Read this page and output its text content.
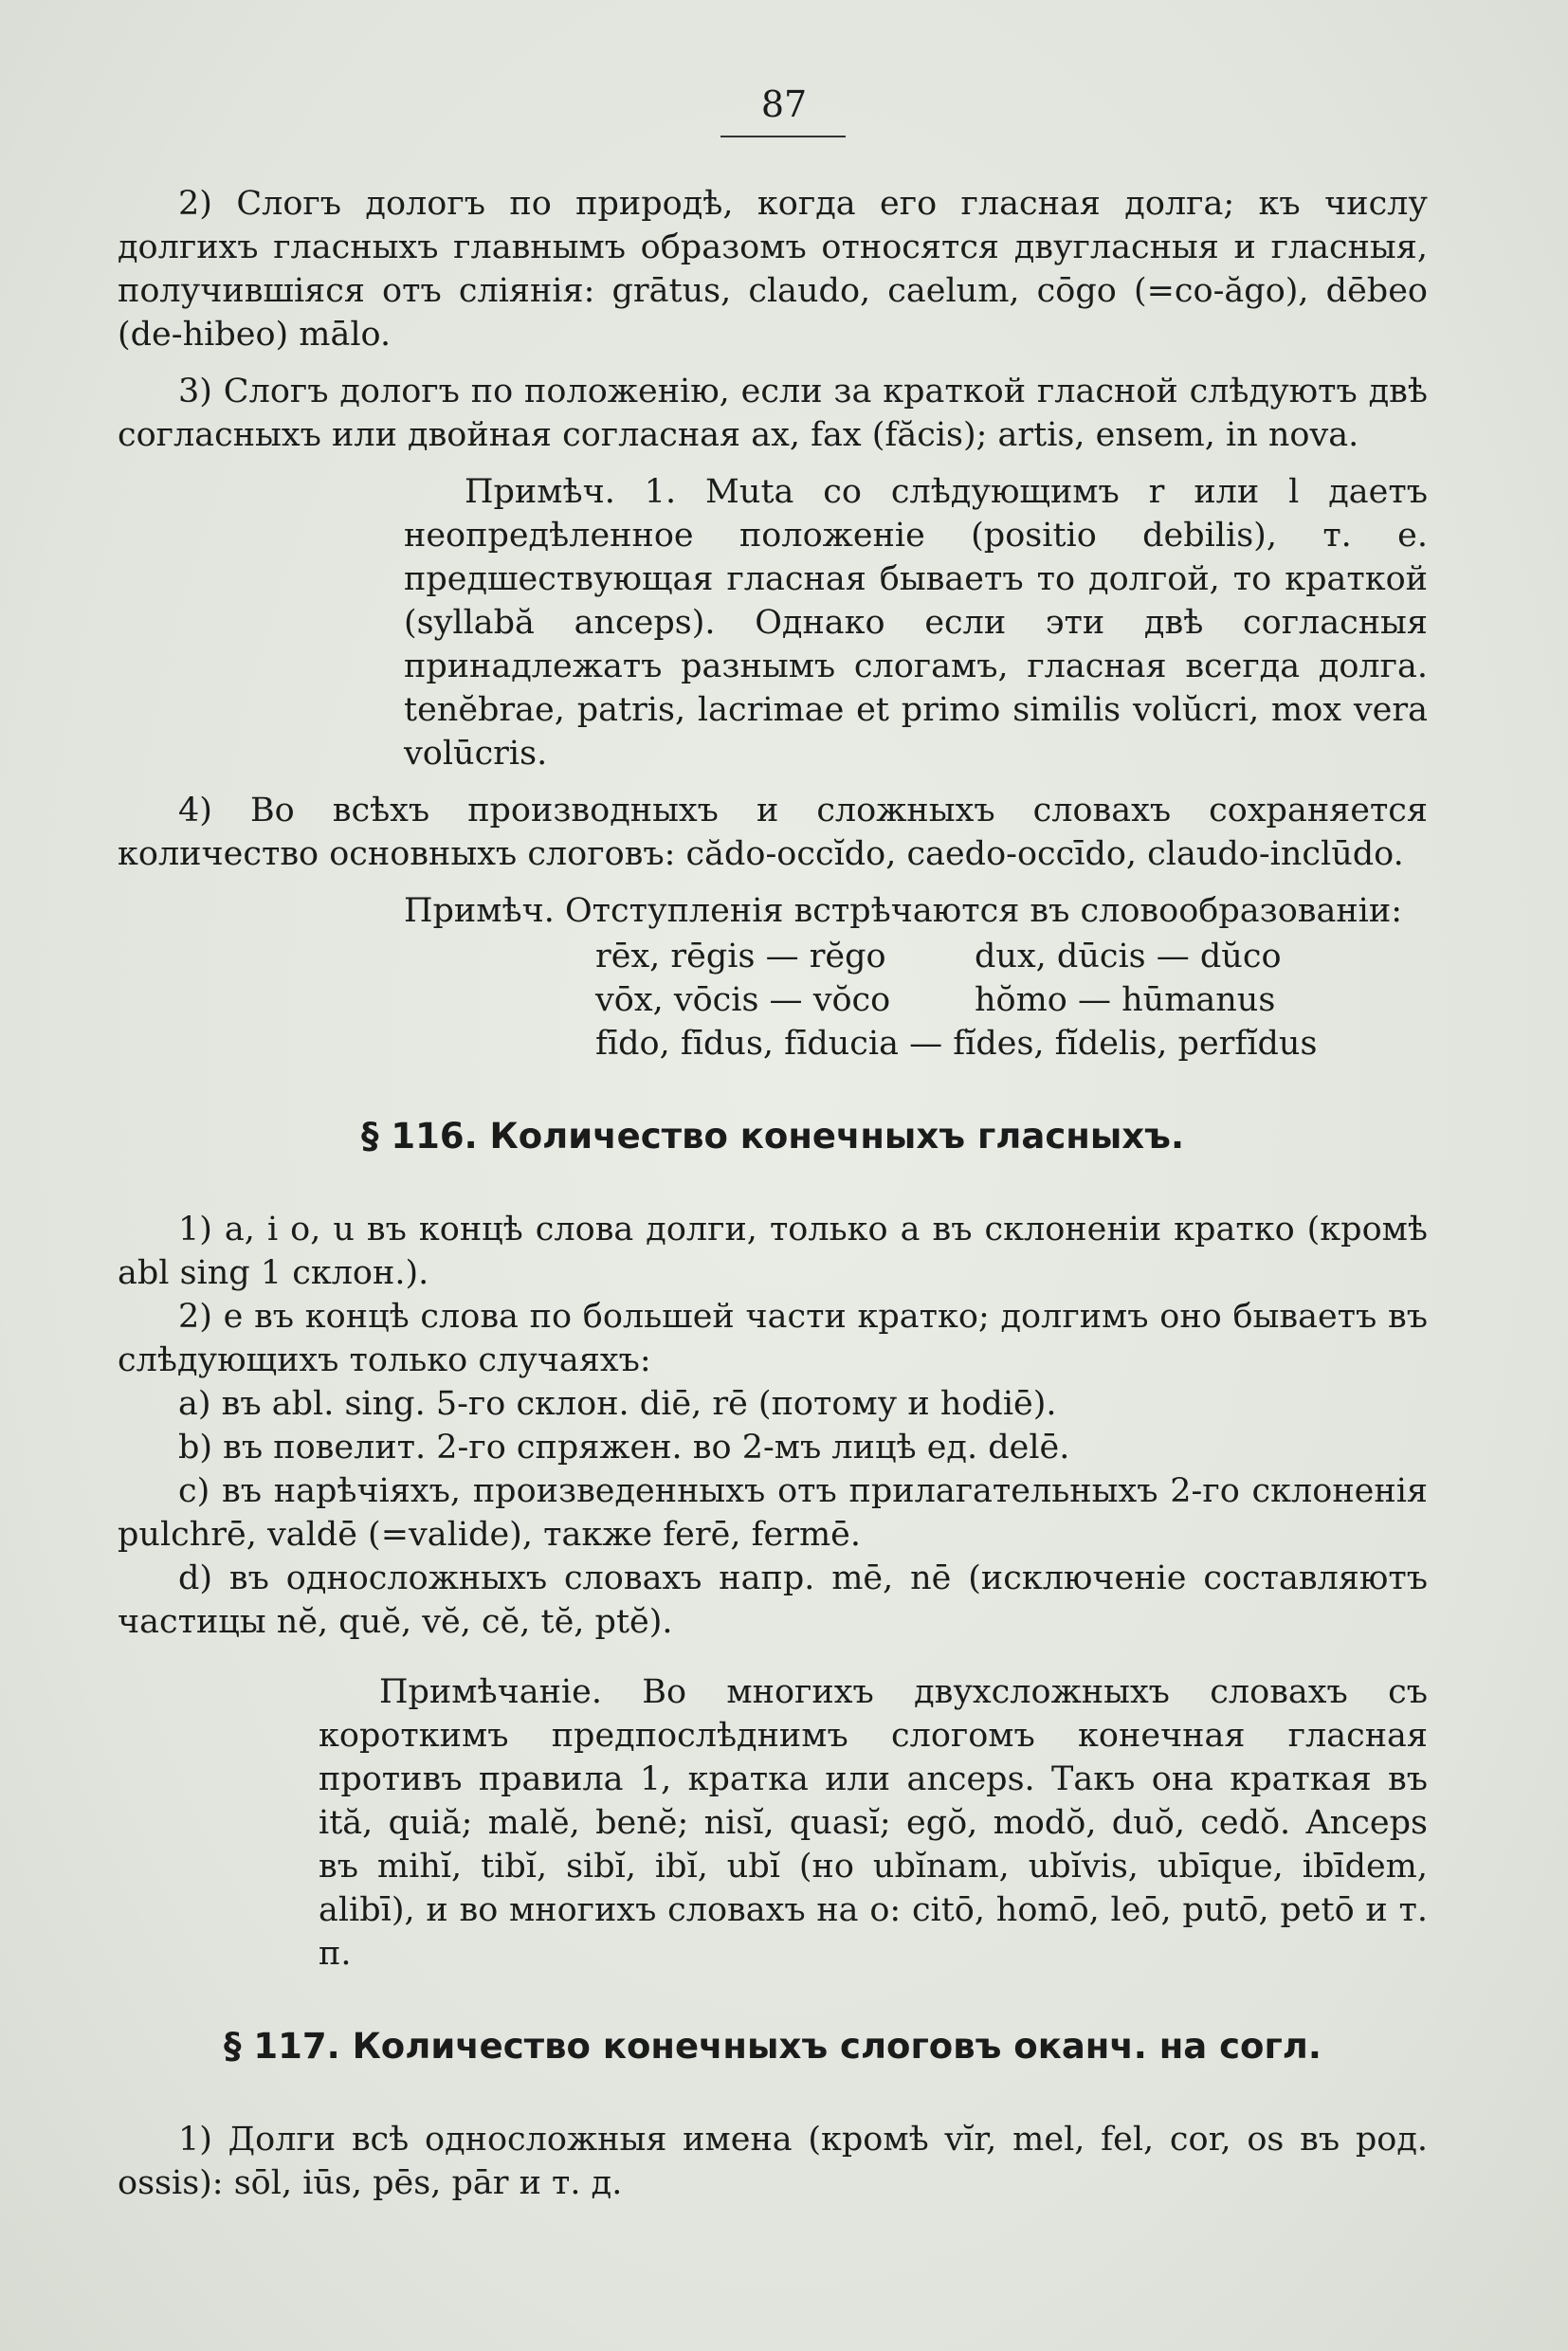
87

2) Слогъ дологъ по природѣ, когда его гласная долга; къ числу долгихъ гласныхъ главнымъ образомъ относятся двугласныя и гласныя, получившіяся отъ сліянія: grātus, claudo, caelum, cōgo (=co-ăgo), dēbeo (de-hibeo) mālo.

3) Слогъ дологъ по положенію, если за краткой гласной слѣдуютъ двѣ согласныхъ или двойная согласная ax, fax (făcis); artis, ensem, in nova.

Примѣч. 1. Muta со слѣдующимъ r или l даетъ неопредѣленное положеніе (positio debilis), т. е. предшествующая гласная бываетъ то долгой, то краткой (syllabă anceps). Однако если эти двѣ согласныя принадлежатъ разнымъ слогамъ, гласная всегда долга. tenĕbrae, patris, lacrimae et primo similis volŭcri, mox vera volūcris.

4) Во всѣхъ производныхъ и сложныхъ словахъ сохраняется количество основныхъ слоговъ: cădo-occĭdo, caedo-occīdo, claudo-inclūdo.

Примѣч. Отступленія встрѣчаются въ словообразованіи:

rēx, rēgis — rĕgo	dux, dūcis — dŭco
vōx, vōcis — vŏco	hŏmo — hūmanus
fīdo, fīdus, fīducia — fĭdes, fĭdelis, perfĭdus	
§ 116. Количество конечныхъ гласныхъ.

1) a, i o, u въ концѣ слова долги, только a въ склоненіи кратко (кромѣ abl sing 1 склон.).

2) e въ концѣ слова по большей части кратко; долгимъ оно бываетъ въ слѣдующихъ только случаяхъ:

a) въ abl. sing. 5-го склон. diē, rē (потому и hodiē).

b) въ повелит. 2-го спряжен. во 2-мъ лицѣ ед. delē.

c) въ нарѣчіяхъ, произведенныхъ отъ прилагательныхъ 2-го склоненія pulchrē, valdē (=valide), также ferē, fermē.

d) въ односложныхъ словахъ напр. mē, nē (исключеніе составляютъ частицы nĕ, quĕ, vĕ, cĕ, tĕ, ptĕ).

Примѣчаніе. Во многихъ двухсложныхъ словахъ съ короткимъ предпослѣднимъ слогомъ конечная гласная противъ правила 1, кратка или anceps. Такъ она краткая въ ită, quiă; malĕ, benĕ; nisĭ, quasĭ; egŏ, modŏ, duŏ, cedŏ. Anceps въ mihĭ, tibĭ, sibĭ, ibĭ, ubĭ (но ubĭnam, ubĭvis, ubīque, ibīdem, alibī), и во многихъ словахъ на o: citō, homō, leō, putō, petō и т. п.

§ 117. Количество конечныхъ слоговъ оканч. на согл.

1) Долги всѣ односложныя имена (кромѣ vĭr, mel, fel, cor, os въ род. ossis): sōl, iūs, pēs, pār и т. д.
